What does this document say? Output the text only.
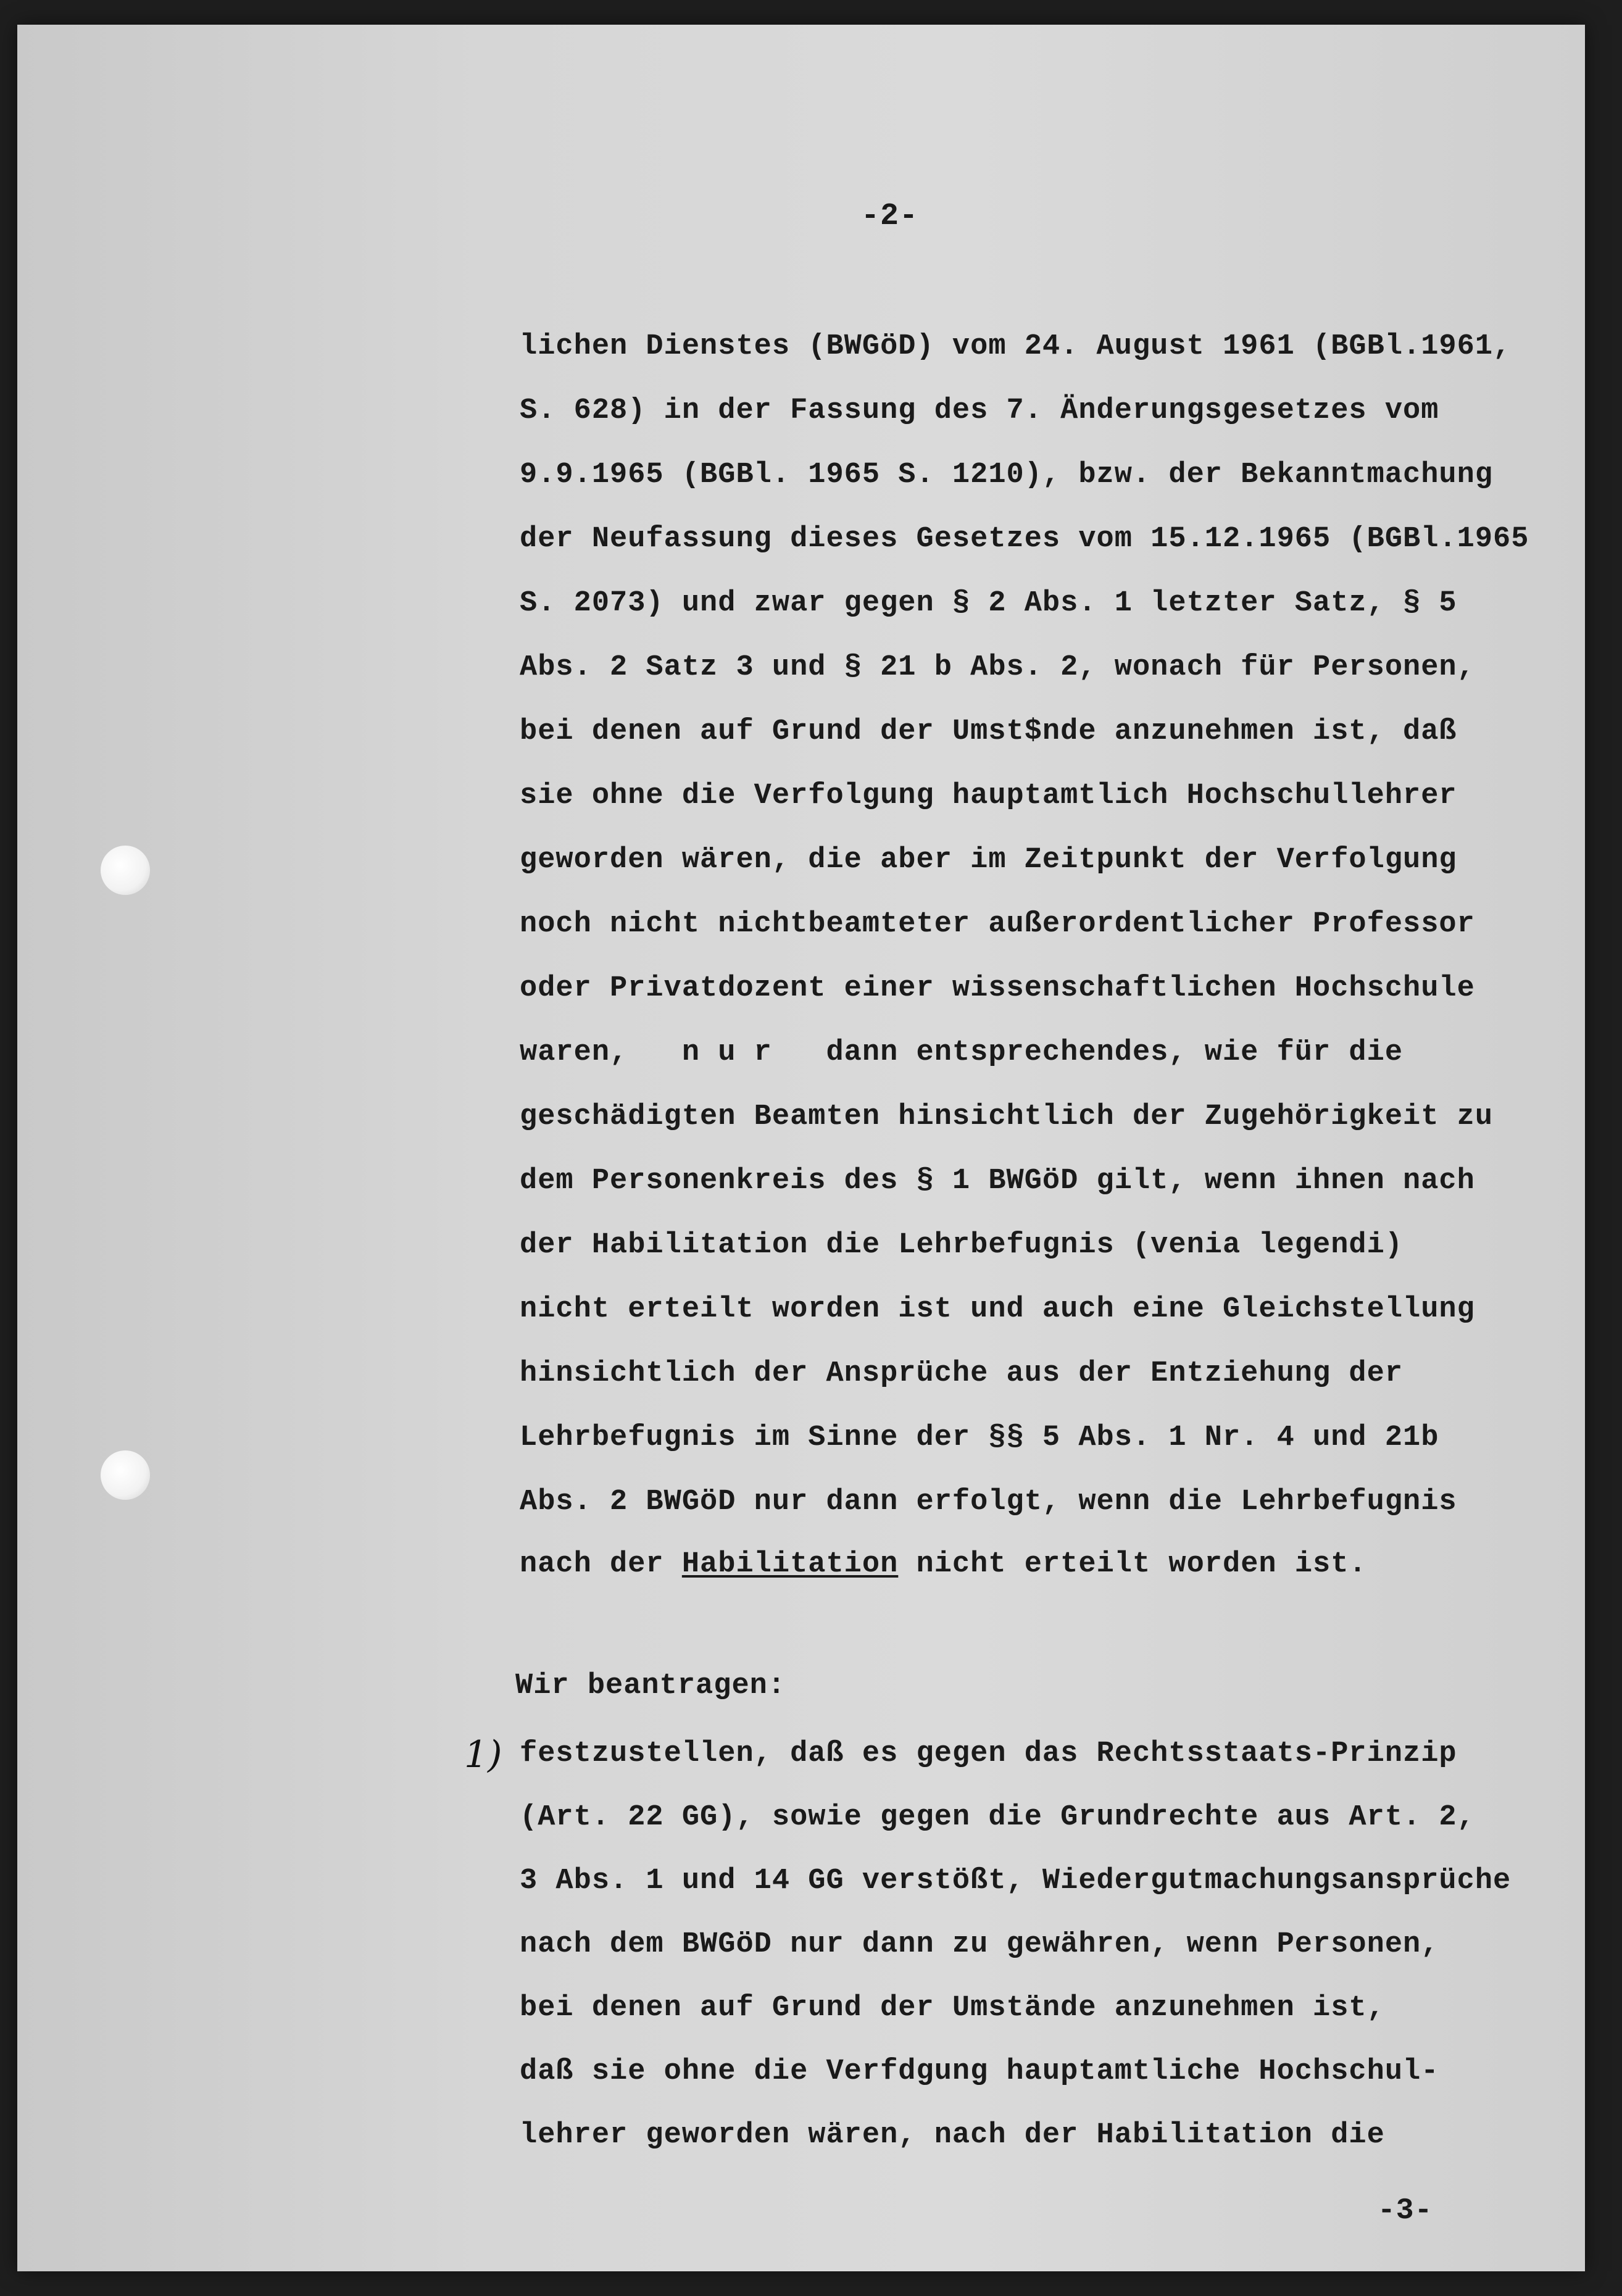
-2-
lichen Dienstes (BWGöD) vom 24. August 1961 (BGBl.1961,
S. 628) in der Fassung des 7. Änderungsgesetzes vom
9.9.1965 (BGBl. 1965 S. 1210), bzw. der Bekanntmachung
der Neufassung dieses Gesetzes vom 15.12.1965 (BGBl.1965
S. 2073) und zwar gegen § 2 Abs. 1 letzter Satz, § 5
Abs. 2 Satz 3 und § 21 b Abs. 2, wonach für Personen,
bei denen auf Grund der Umst$nde anzunehmen ist, daß
sie ohne die Verfolgung hauptamtlich Hochschullehrer
geworden wären, die aber im Zeitpunkt der Verfolgung
noch nicht nichtbeamteter außerordentlicher Professor
oder Privatdozent einer wissenschaftlichen Hochschule
waren,   n u r   dann entsprechendes, wie für die
geschädigten Beamten hinsichtlich der Zugehörigkeit zu
dem Personenkreis des § 1 BWGöD gilt, wenn ihnen nach
der Habilitation die Lehrbefugnis (venia legendi)
nicht erteilt worden ist und auch eine Gleichstellung
hinsichtlich der Ansprüche aus der Entziehung der
Lehrbefugnis im Sinne der §§ 5 Abs. 1 Nr. 4 und 21b
Abs. 2 BWGöD nur dann erfolgt, wenn die Lehrbefugnis
nach der Habilitation nicht erteilt worden ist.
Wir beantragen:
1) festzustellen, daß es gegen das Rechtsstaats-Prinzip
(Art. 22 GG), sowie gegen die Grundrechte aus Art. 2,
3 Abs. 1 und 14 GG verstößt, Wiedergutmachungsansprüche
nach dem BWGöD nur dann zu gewähren, wenn Personen,
bei denen auf Grund der Umstände anzunehmen ist,
daß sie ohne die Verfdgung hauptamtliche Hochschul-
lehrer geworden wären, nach der Habilitation die
-3-
